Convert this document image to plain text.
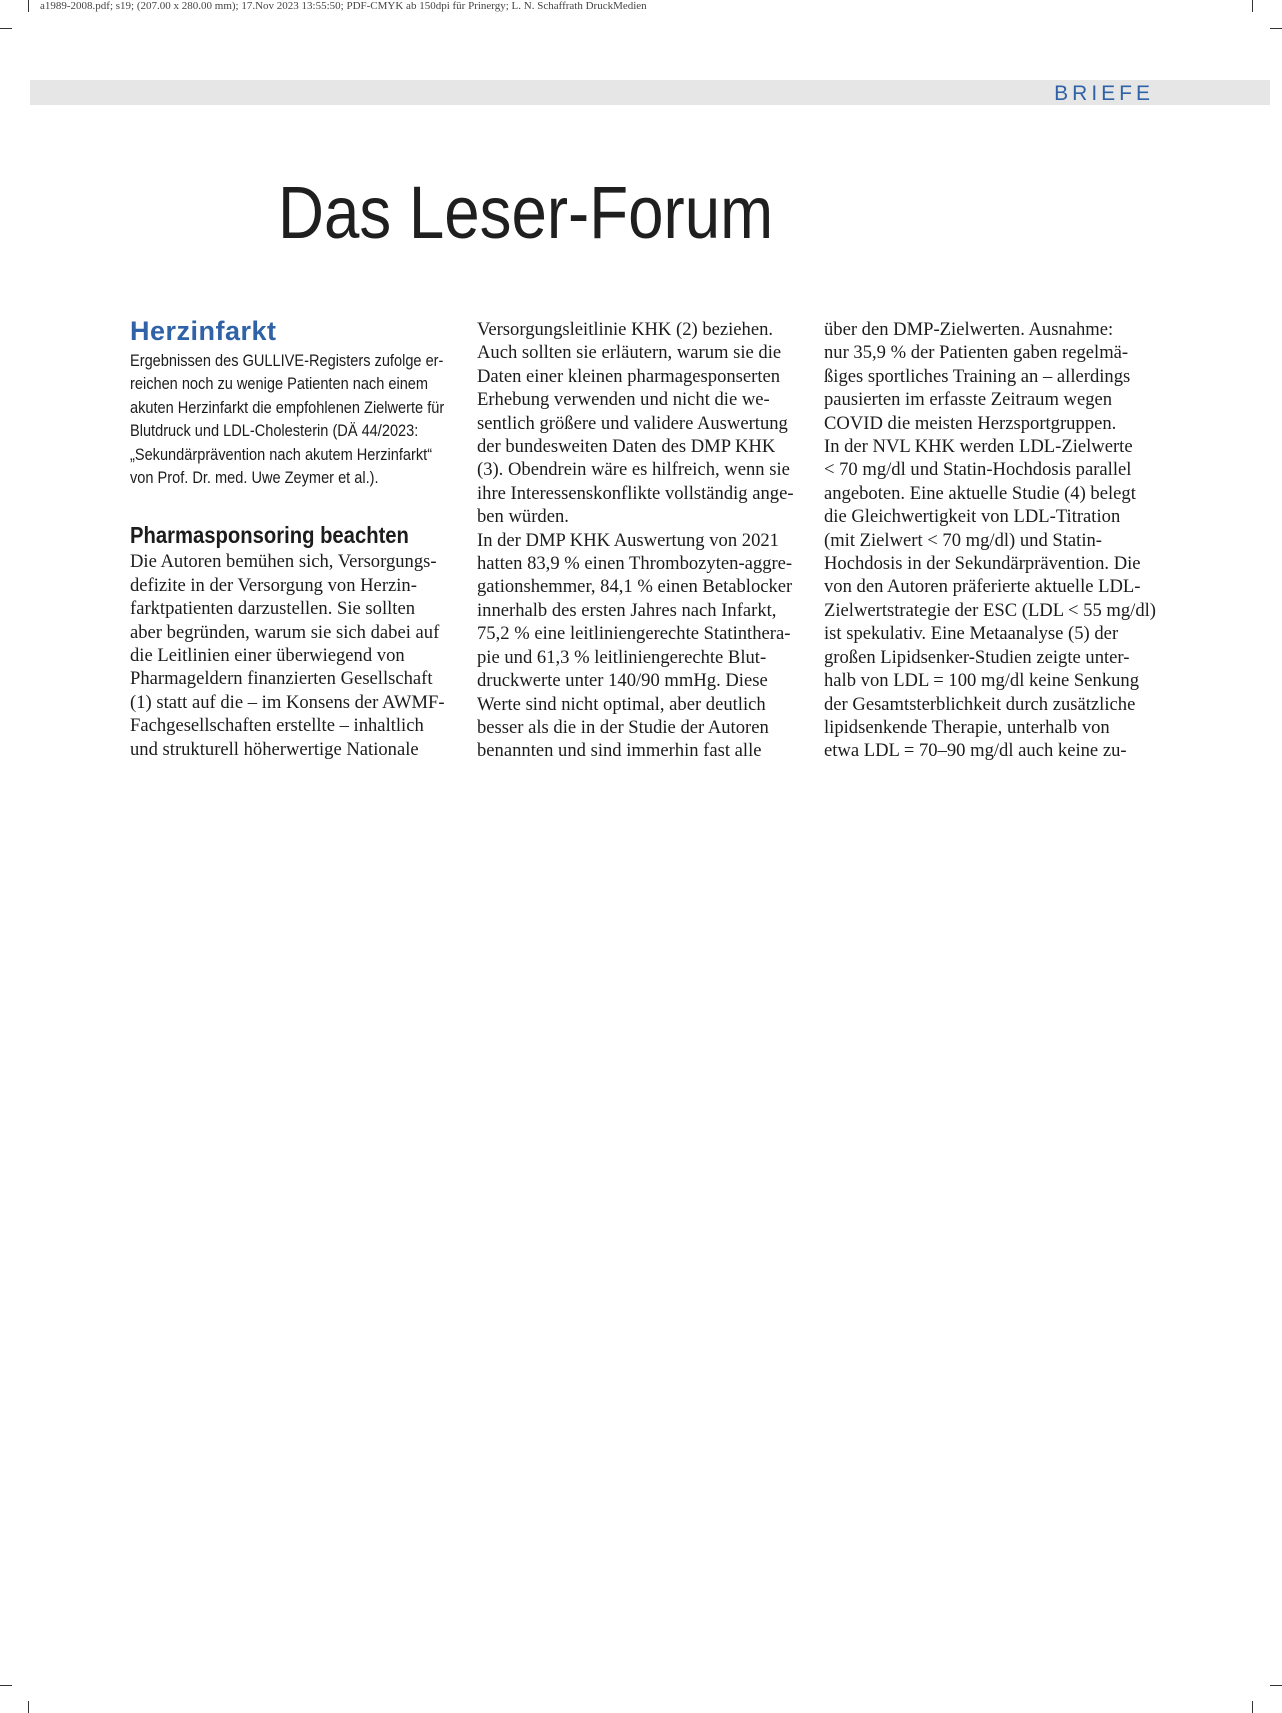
a1989-2008.pdf; s19; (207.00 x 280.00 mm); 17.Nov 2023 13:55:50; PDF-CMYK ab 150dpi für Prinergy; L. N. Schaffrath DruckMedien
BRIEFE
Das Leser-Forum
Herzinfarkt
Ergebnissen des GULLIVE-Registers zufolge er-
reichen noch zu wenige Patienten nach einem
akuten Herzinfarkt die empfohlenen Zielwerte für
Blutdruck und LDL-Cholesterin (DÄ 44/2023:
„Sekundärprävention nach akutem Herzinfarkt“
von Prof. Dr. med. Uwe Zeymer et al.).
Pharmasponsoring beachten
Die Autoren bemühen sich, Versorgungs-
defizite in der Versorgung von Herzin-
farktpatienten darzustellen. Sie sollten
aber begründen, warum sie sich dabei auf
die Leitlinien einer überwiegend von
Pharmageldern finanzierten Gesellschaft
(1) statt auf die – im Konsens der AWMF-
Fachgesellschaften erstellte – inhaltlich
und strukturell höherwertige Nationale
Versorgungsleitlinie KHK (2) beziehen.
Auch sollten sie erläutern, warum sie die
Daten einer kleinen pharmagesponserten
Erhebung verwenden und nicht die we-
sentlich größere und validere Auswertung
der bundesweiten Daten des DMP KHK
(3). Obendrein wäre es hilfreich, wenn sie
ihre Interessenskonflikte vollständig ange-
ben würden.
In der DMP KHK Auswertung von 2021
hatten 83,9 % einen Thrombozyten-aggre-
gationshemmer, 84,1 % einen Betablocker
innerhalb des ersten Jahres nach Infarkt,
75,2 % eine leitliniengerechte Statinthera-
pie und 61,3 % leitliniengerechte Blut-
druckwerte unter 140/90 mmHg. Diese
Werte sind nicht optimal, aber deutlich
besser als die in der Studie der Autoren
benannten und sind immerhin fast alle
über den DMP-Zielwerten. Ausnahme:
nur 35,9 % der Patienten gaben regelmä-
ßiges sportliches Training an – allerdings
pausierten im erfasste Zeitraum wegen
COVID die meisten Herzsportgruppen.
In der NVL KHK werden LDL-Zielwerte
< 70 mg/dl und Statin-Hochdosis parallel
angeboten. Eine aktuelle Studie (4) belegt
die Gleichwertigkeit von LDL-Titration
(mit Zielwert < 70 mg/dl) und Statin-
Hochdosis in der Sekundärprävention. Die
von den Autoren präferierte aktuelle LDL-
Zielwertstrategie der ESC (LDL < 55 mg/dl)
ist spekulativ. Eine Metaanalyse (5) der
großen Lipidsenker-Studien zeigte unter-
halb von LDL = 100 mg/dl keine Senkung
der Gesamtsterblichkeit durch zusätzliche
lipidsenkende Therapie, unterhalb von
etwa LDL = 70–90 mg/dl auch keine zu-
